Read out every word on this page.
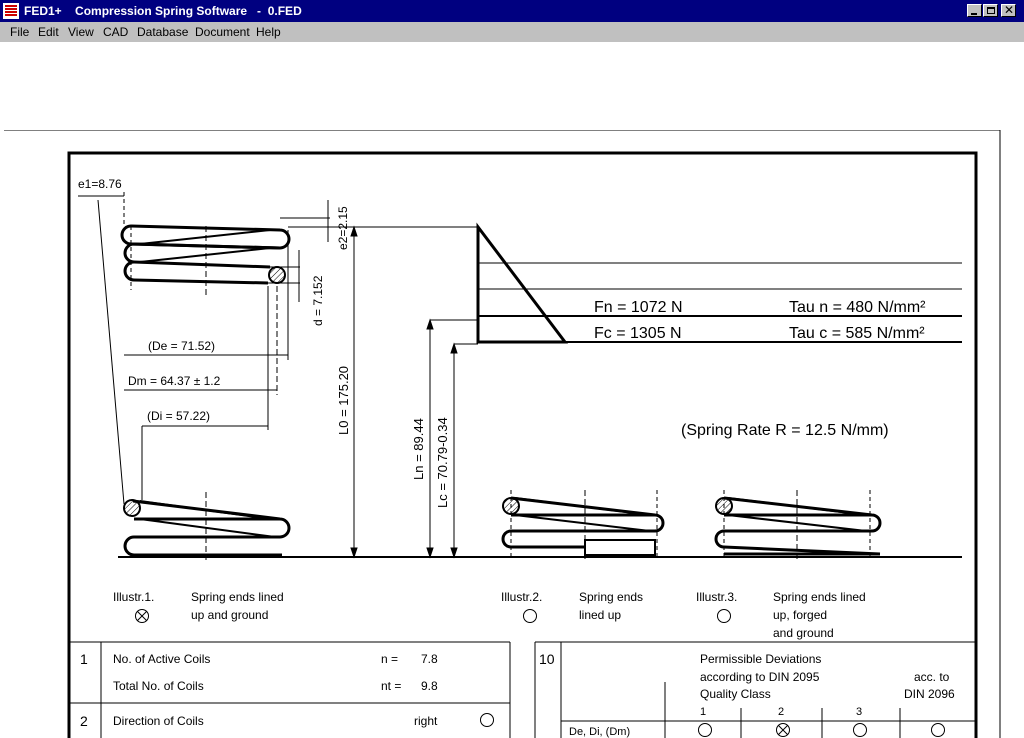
FED1+ Compression Spring Software   -  0.FED	✕
File Edit View CAD Database Document Help
e1=8.76
e2=2.15
d = 7.152
(De = 71.52)
Dm = 64.37 ± 1.2
(Di = 57.22)	L0 = 175.20
Ln = 89.44 Lc = 70.79-0.34
Fn = 1072 N
Fc = 1305 N
Tau n = 480 N/mm²
Tau c = 585 N/mm²
(Spring Rate R = 12.5 N/mm)
Illustr.1.	Spring ends lined
up and ground
Illustr.2.	Spring ends
lined up
Illustr.3.	Spring ends lined
up, forged
and ground
1 No. of Active Coils	n = 7.8
Total No. of Coils	nt = 9.8
2 Direction of Coils	right
10	Permissible Deviations
according to DIN 2095
Quality Class
acc. to
DIN 2096
1	2	3
De, Di, (Dm)
